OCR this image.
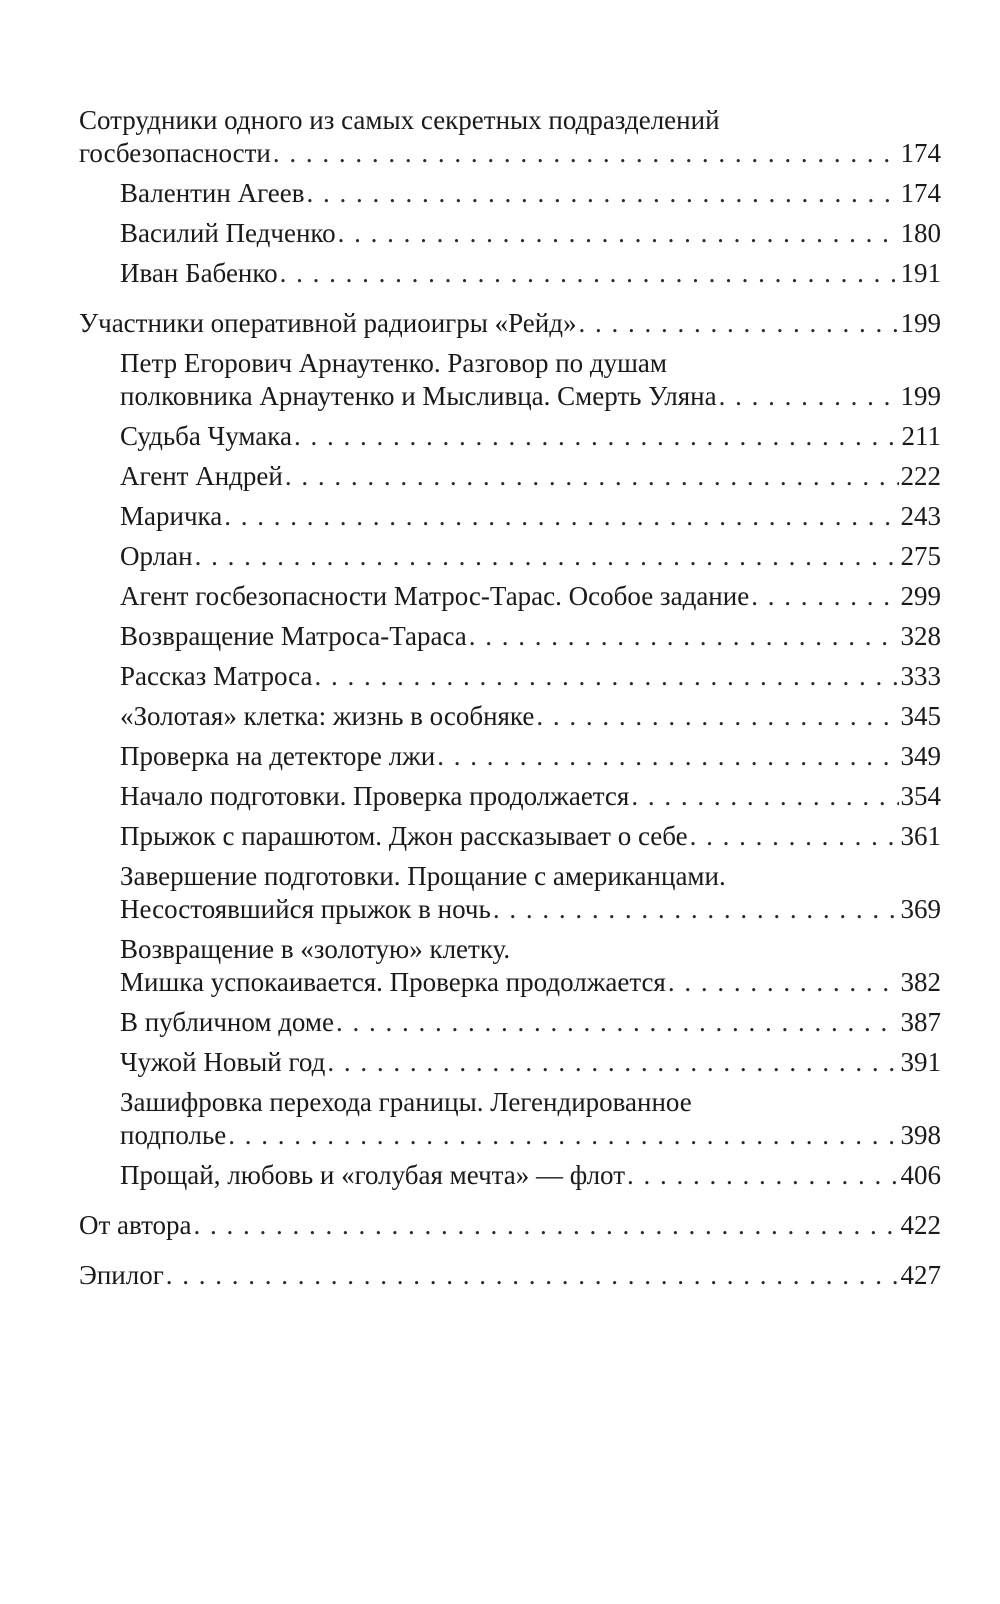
Сотрудники одного из самых секретных подразделений
госбезопасности . . .	174
Валентин Агеев . . .	174
Василий Педченко . . .	180
Иван Бабенко . . .	191
Участники оперативной радиоигры «Рейд» . . .	199
Петр Егорович Арнаутенко. Разговор по душам
полковника Арнаутенко и Мысливца. Смерть Уляна . . .	199
Судьба Чумака . . .	211
Агент Андрей . . .	222
Маричка . . .	243
Орлан . . .	275
Агент госбезопасности Матрос-Тарас. Особое задание . . .	299
Возвращение Матроса-Тараса . . .	328
Рассказ Матроса . . .	333
«Золотая» клетка: жизнь в особняке . . .	345
Проверка на детекторе лжи . . .	349
Начало подготовки. Проверка продолжается . . .	354
Прыжок с парашютом. Джон рассказывает о себе . . .	361
Завершение подготовки. Прощание с американцами.
Несостоявшийся прыжок в ночь . . .	369
Возвращение в «золотую» клетку.
Мишка успокаивается. Проверка продолжается . . .	382
В публичном доме . . .	387
Чужой Новый год . . .	391
Зашифровка перехода границы. Легендированное
подполье . . .	398
Прощай, любовь и «голубая мечта» — флот . . .	406
От автора . . .	422
Эпилог . . .	427
